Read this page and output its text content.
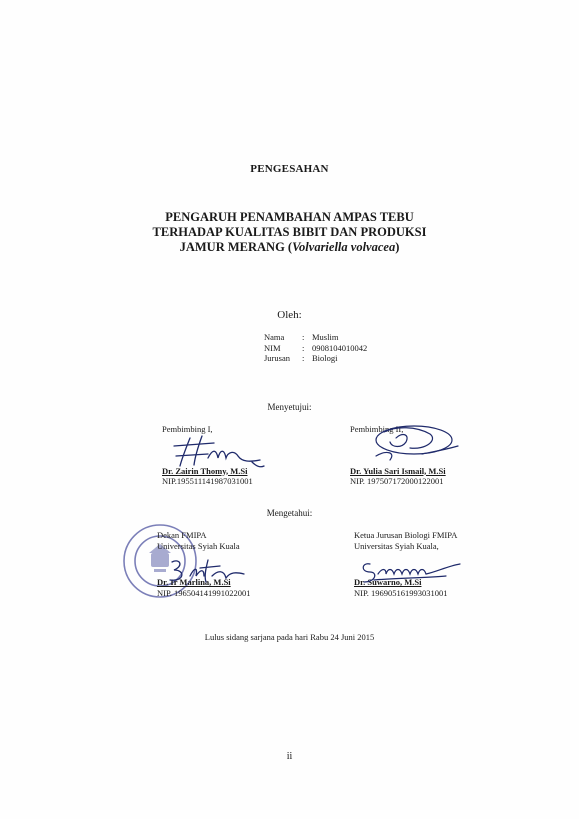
PENGESAHAN
PENGARUH PENAMBAHAN AMPAS TEBU
TERHADAP KUALITAS BIBIT DAN PRODUKSI
JAMUR MERANG (Volvariella volvacea)
Oleh:
Nama	: Muslim
NIM	: 0908104010042
Jurusan	: Biologi
Menyetujui:
Pembimbing I,
Dr. Zairin Thomy, M.Si
NIP.195511141987031001
Pembimbing II,
Dr. Yulia Sari Ismail, M.Si
NIP. 197507172000122001
Mengetahui:
Dekan FMIPA
Universitas Syiah Kuala
Dr. Ir Marlina, M.Si
NIP. 196504141991022001
Ketua Jurusan Biologi FMIPA
Universitas Syiah Kuala,
Dr. Suwarno, M.Si
NIP. 196905161993031001
Lulus sidang sarjana pada hari Rabu 24 Juni 2015
ii
